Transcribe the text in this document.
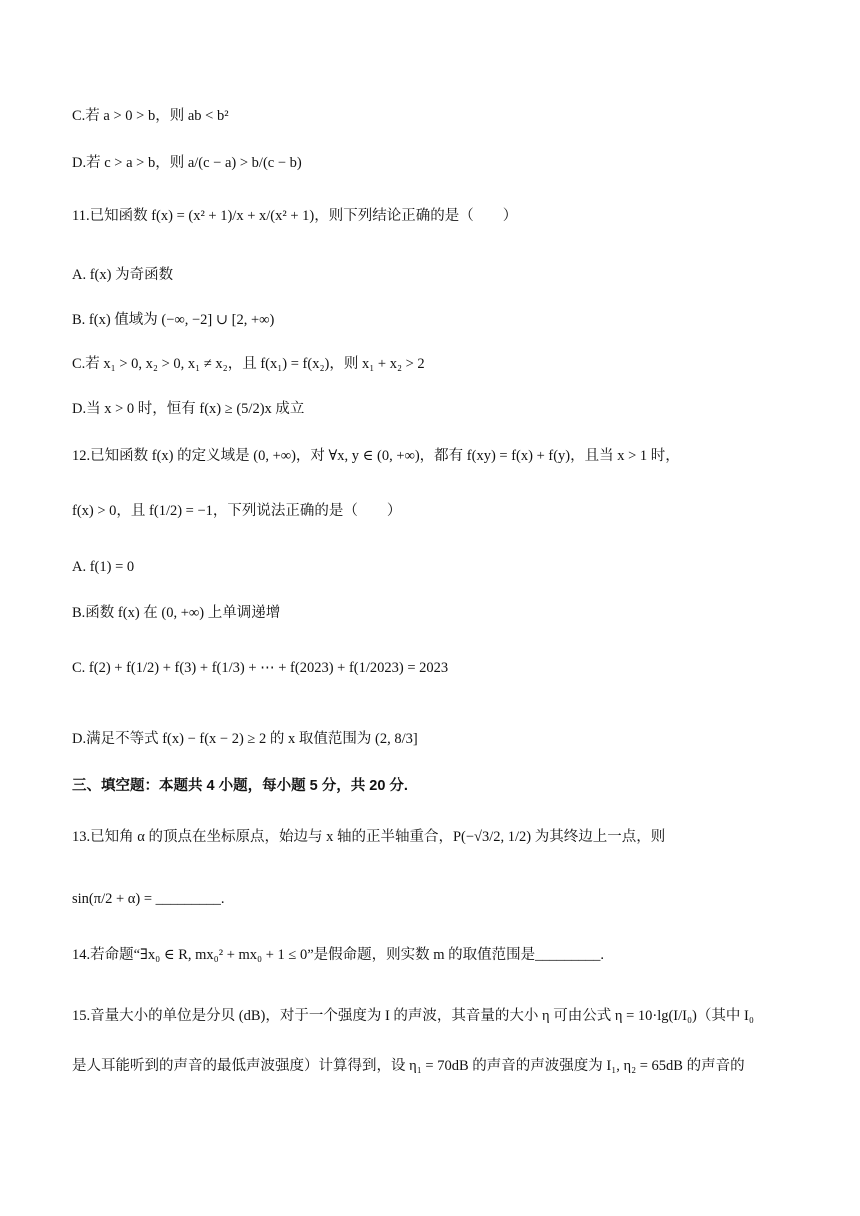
C.若 a > 0 > b，则 ab < b²
D.若 c > a > b，则 a/(c − a) > b/(c − b)
11.已知函数 f(x) = (x² + 1)/x + x/(x² + 1)，则下列结论正确的是（　　）
A. f(x) 为奇函数
B. f(x) 值域为 (−∞, −2] ∪ [2, +∞)
C.若 x₁ > 0, x₂ > 0, x₁ ≠ x₂，且 f(x₁) = f(x₂)，则 x₁ + x₂ > 2
D.当 x > 0 时，恒有 f(x) ≥ (5/2)x 成立
12.已知函数 f(x) 的定义域是 (0, +∞)，对 ∀x, y ∈ (0, +∞)，都有 f(xy) = f(x) + f(y)，且当 x > 1 时，
f(x) > 0，且 f(1/2) = −1，下列说法正确的是（　　）
A. f(1) = 0
B.函数 f(x) 在 (0, +∞) 上单调递增
C. f(2) + f(1/2) + f(3) + f(1/3) + ⋯ + f(2023) + f(1/2023) = 2023
D.满足不等式 f(x) − f(x − 2) ≥ 2 的 x 取值范围为 (2, 8/3]
三、填空题：本题共 4 小题，每小题 5 分，共 20 分.
13.已知角 α 的顶点在坐标原点，始边与 x 轴的正半轴重合，P(−√3/2, 1/2) 为其终边上一点，则
sin(π/2 + α) = _________.
14.若命题“∃x₀ ∈ R, mx₀² + mx₀ + 1 ≤ 0”是假命题，则实数 m 的取值范围是_________.
15.音量大小的单位是分贝 (dB)，对于一个强度为 I 的声波，其音量的大小 η 可由公式 η = 10·lg(I/I₀)（其中 I₀
是人耳能听到的声音的最低声波强度）计算得到，设 η₁ = 70dB 的声音的声波强度为 I₁, η₂ = 65dB 的声音的
